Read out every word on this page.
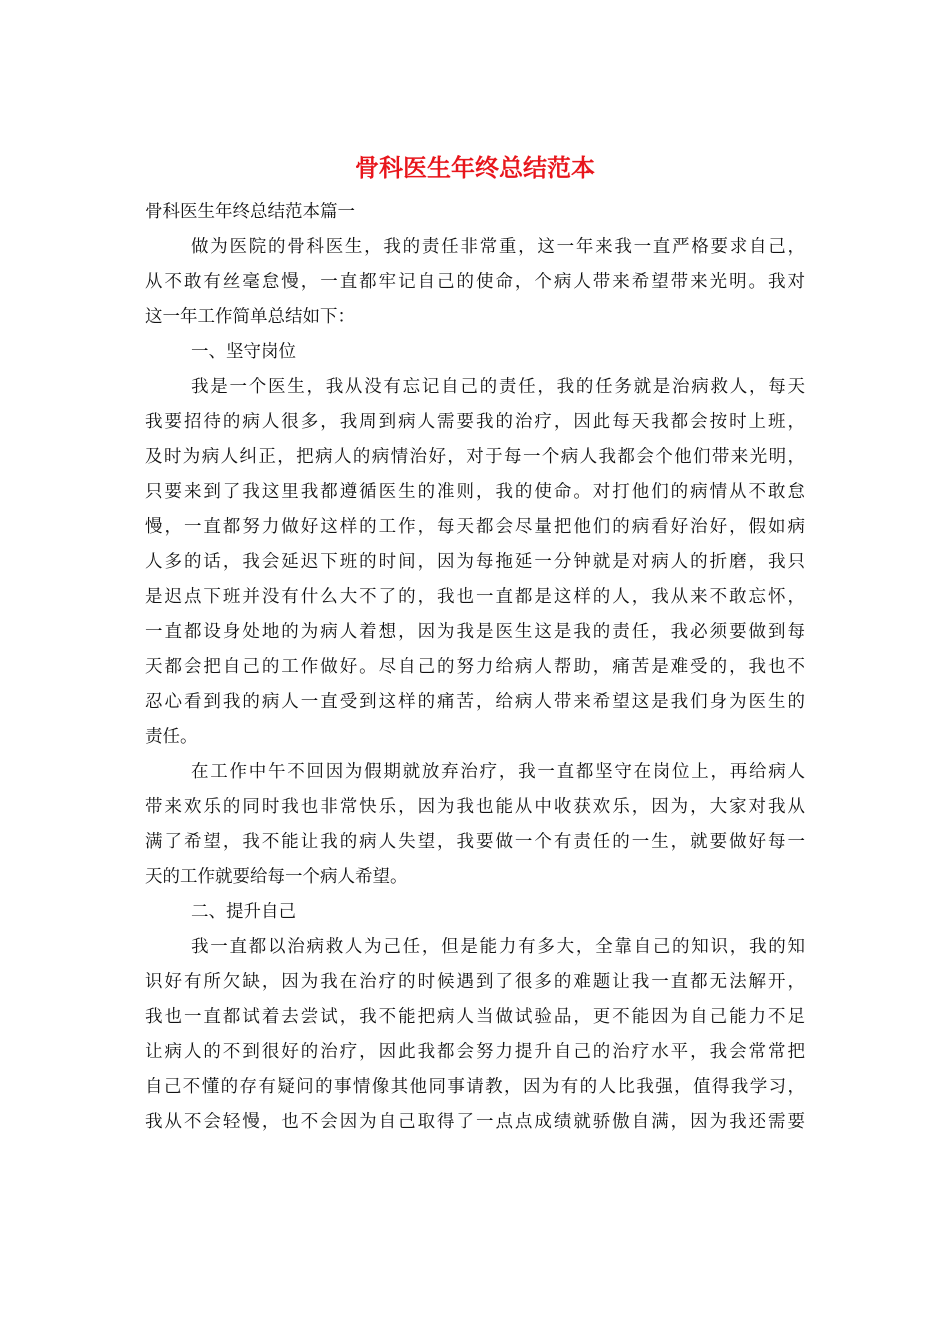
骨科医生年终总结范本
骨科医生年终总结范本篇一
做为医院的骨科医生，我的责任非常重，这一年来我一直严格要求自己，
从不敢有丝毫怠慢，一直都牢记自己的使命，个病人带来希望带来光明。我对
这一年工作简单总结如下：
一、坚守岗位
我是一个医生，我从没有忘记自己的责任，我的任务就是治病救人，每天
我要招待的病人很多，我周到病人需要我的治疗，因此每天我都会按时上班，
及时为病人纠正，把病人的病情治好，对于每一个病人我都会个他们带来光明，
只要来到了我这里我都遵循医生的准则，我的使命。对打他们的病情从不敢怠
慢，一直都努力做好这样的工作，每天都会尽量把他们的病看好治好，假如病
人多的话，我会延迟下班的时间，因为每拖延一分钟就是对病人的折磨，我只
是迟点下班并没有什么大不了的，我也一直都是这样的人，我从来不敢忘怀，
一直都设身处地的为病人着想，因为我是医生这是我的责任，我必须要做到每
天都会把自己的工作做好。尽自己的努力给病人帮助，痛苦是难受的，我也不
忍心看到我的病人一直受到这样的痛苦，给病人带来希望这是我们身为医生的
责任。
在工作中午不回因为假期就放弃治疗，我一直都坚守在岗位上，再给病人
带来欢乐的同时我也非常快乐，因为我也能从中收获欢乐，因为，大家对我从
满了希望，我不能让我的病人失望，我要做一个有责任的一生，就要做好每一
天的工作就要给每一个病人希望。
二、提升自己
我一直都以治病救人为己任，但是能力有多大，全靠自己的知识，我的知
识好有所欠缺，因为我在治疗的时候遇到了很多的难题让我一直都无法解开，
我也一直都试着去尝试，我不能把病人当做试验品，更不能因为自己能力不足
让病人的不到很好的治疗，因此我都会努力提升自己的治疗水平，我会常常把
自己不懂的存有疑问的事情像其他同事请教，因为有的人比我强，值得我学习，
我从不会轻慢，也不会因为自己取得了一点点成绩就骄傲自满，因为我还需要
